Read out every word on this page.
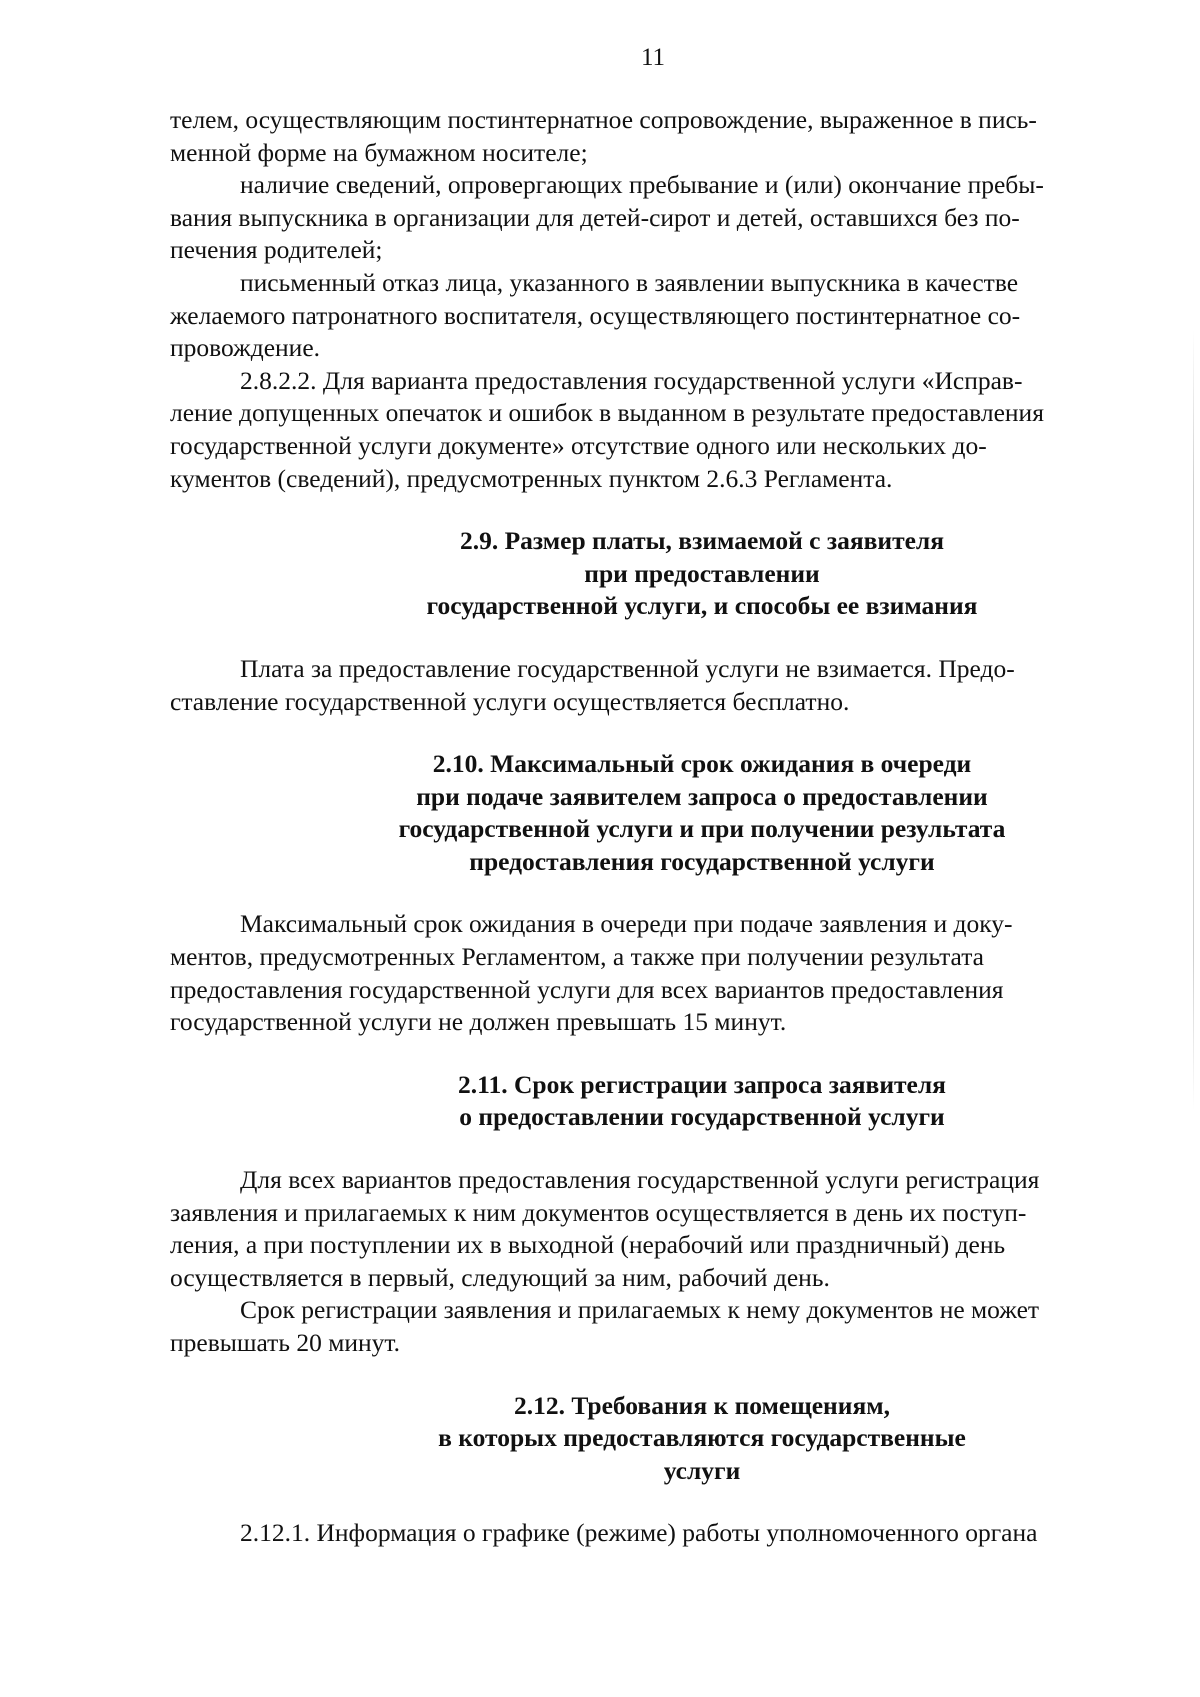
11

телем, осуществляющим постинтернатное сопровождение, выраженное в пись-
менной форме на бумажном носителе;

наличие сведений, опровергающих пребывание и (или) окончание пребы-
вания выпускника в организации для детей-сирот и детей, оставшихся без по-
печения родителей;

письменный отказ лица, указанного в заявлении выпускника в качестве
желаемого патронатного воспитателя, осуществляющего постинтернатное со-
провождение.

2.8.2.2. Для варианта предоставления государственной услуги «Исправ-
ление допущенных опечаток и ошибок в выданном в результате предоставления
государственной услуги документе» отсутствие одного или нескольких до-
кументов (сведений), предусмотренных пунктом 2.6.3 Регламента.

2.9. Размер платы, взимаемой с заявителя
при предоставлении
государственной услуги, и способы ее взимания

Плата за предоставление государственной услуги не взимается. Предо-
ставление государственной услуги осуществляется бесплатно.

2.10. Максимальный срок ожидания в очереди
при подаче заявителем запроса о предоставлении
государственной услуги и при получении результата
предоставления государственной услуги

Максимальный срок ожидания в очереди при подаче заявления и доку-
ментов, предусмотренных Регламентом, а также при получении результата
предоставления государственной услуги для всех вариантов предоставления
государственной услуги не должен превышать 15 минут.

2.11. Срок регистрации запроса заявителя
о предоставлении государственной услуги

Для всех вариантов предоставления государственной услуги регистрация
заявления и прилагаемых к ним документов осуществляется в день их поступ-
ления, а при поступлении их в выходной (нерабочий или праздничный) день
осуществляется в первый, следующий за ним, рабочий день.

Срок регистрации заявления и прилагаемых к нему документов не может
превышать 20 минут.

2.12. Требования к помещениям,
в которых предоставляются государственные
услуги

2.12.1. Информация о графике (режиме) работы уполномоченного органа
